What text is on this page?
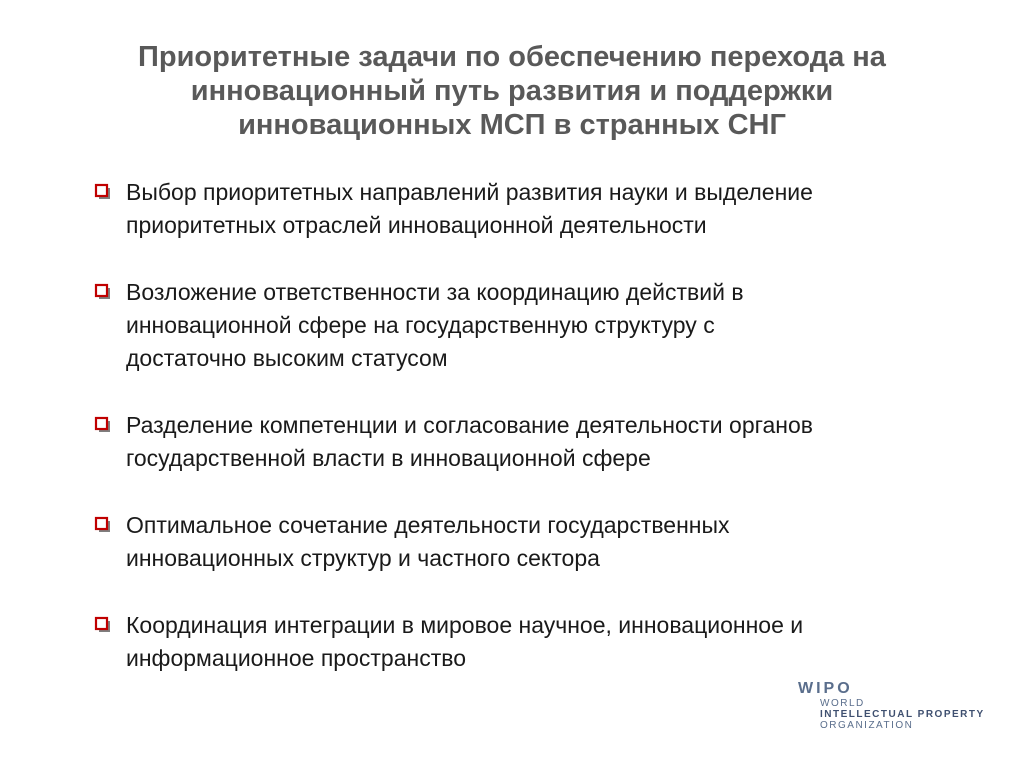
Приоритетные задачи по обеспечению перехода на
инновационный путь развития и поддержки
инновационных МСП в странных СНГ
Выбор приоритетных направлений развития науки и выделение
приоритетных отраслей инновационной деятельности
Возложение ответственности за координацию действий в
инновационной сфере на государственную структуру с
достаточно высоким статусом
Разделение компетенции и согласование деятельности органов
государственной власти в инновационной сфере
Оптимальное сочетание деятельности государственных
инновационных структур и частного сектора
Координация интеграции в мировое научное, инновационное и
информационное пространство
WIPO
WORLD
INTELLECTUAL PROPERTY
ORGANIZATION
